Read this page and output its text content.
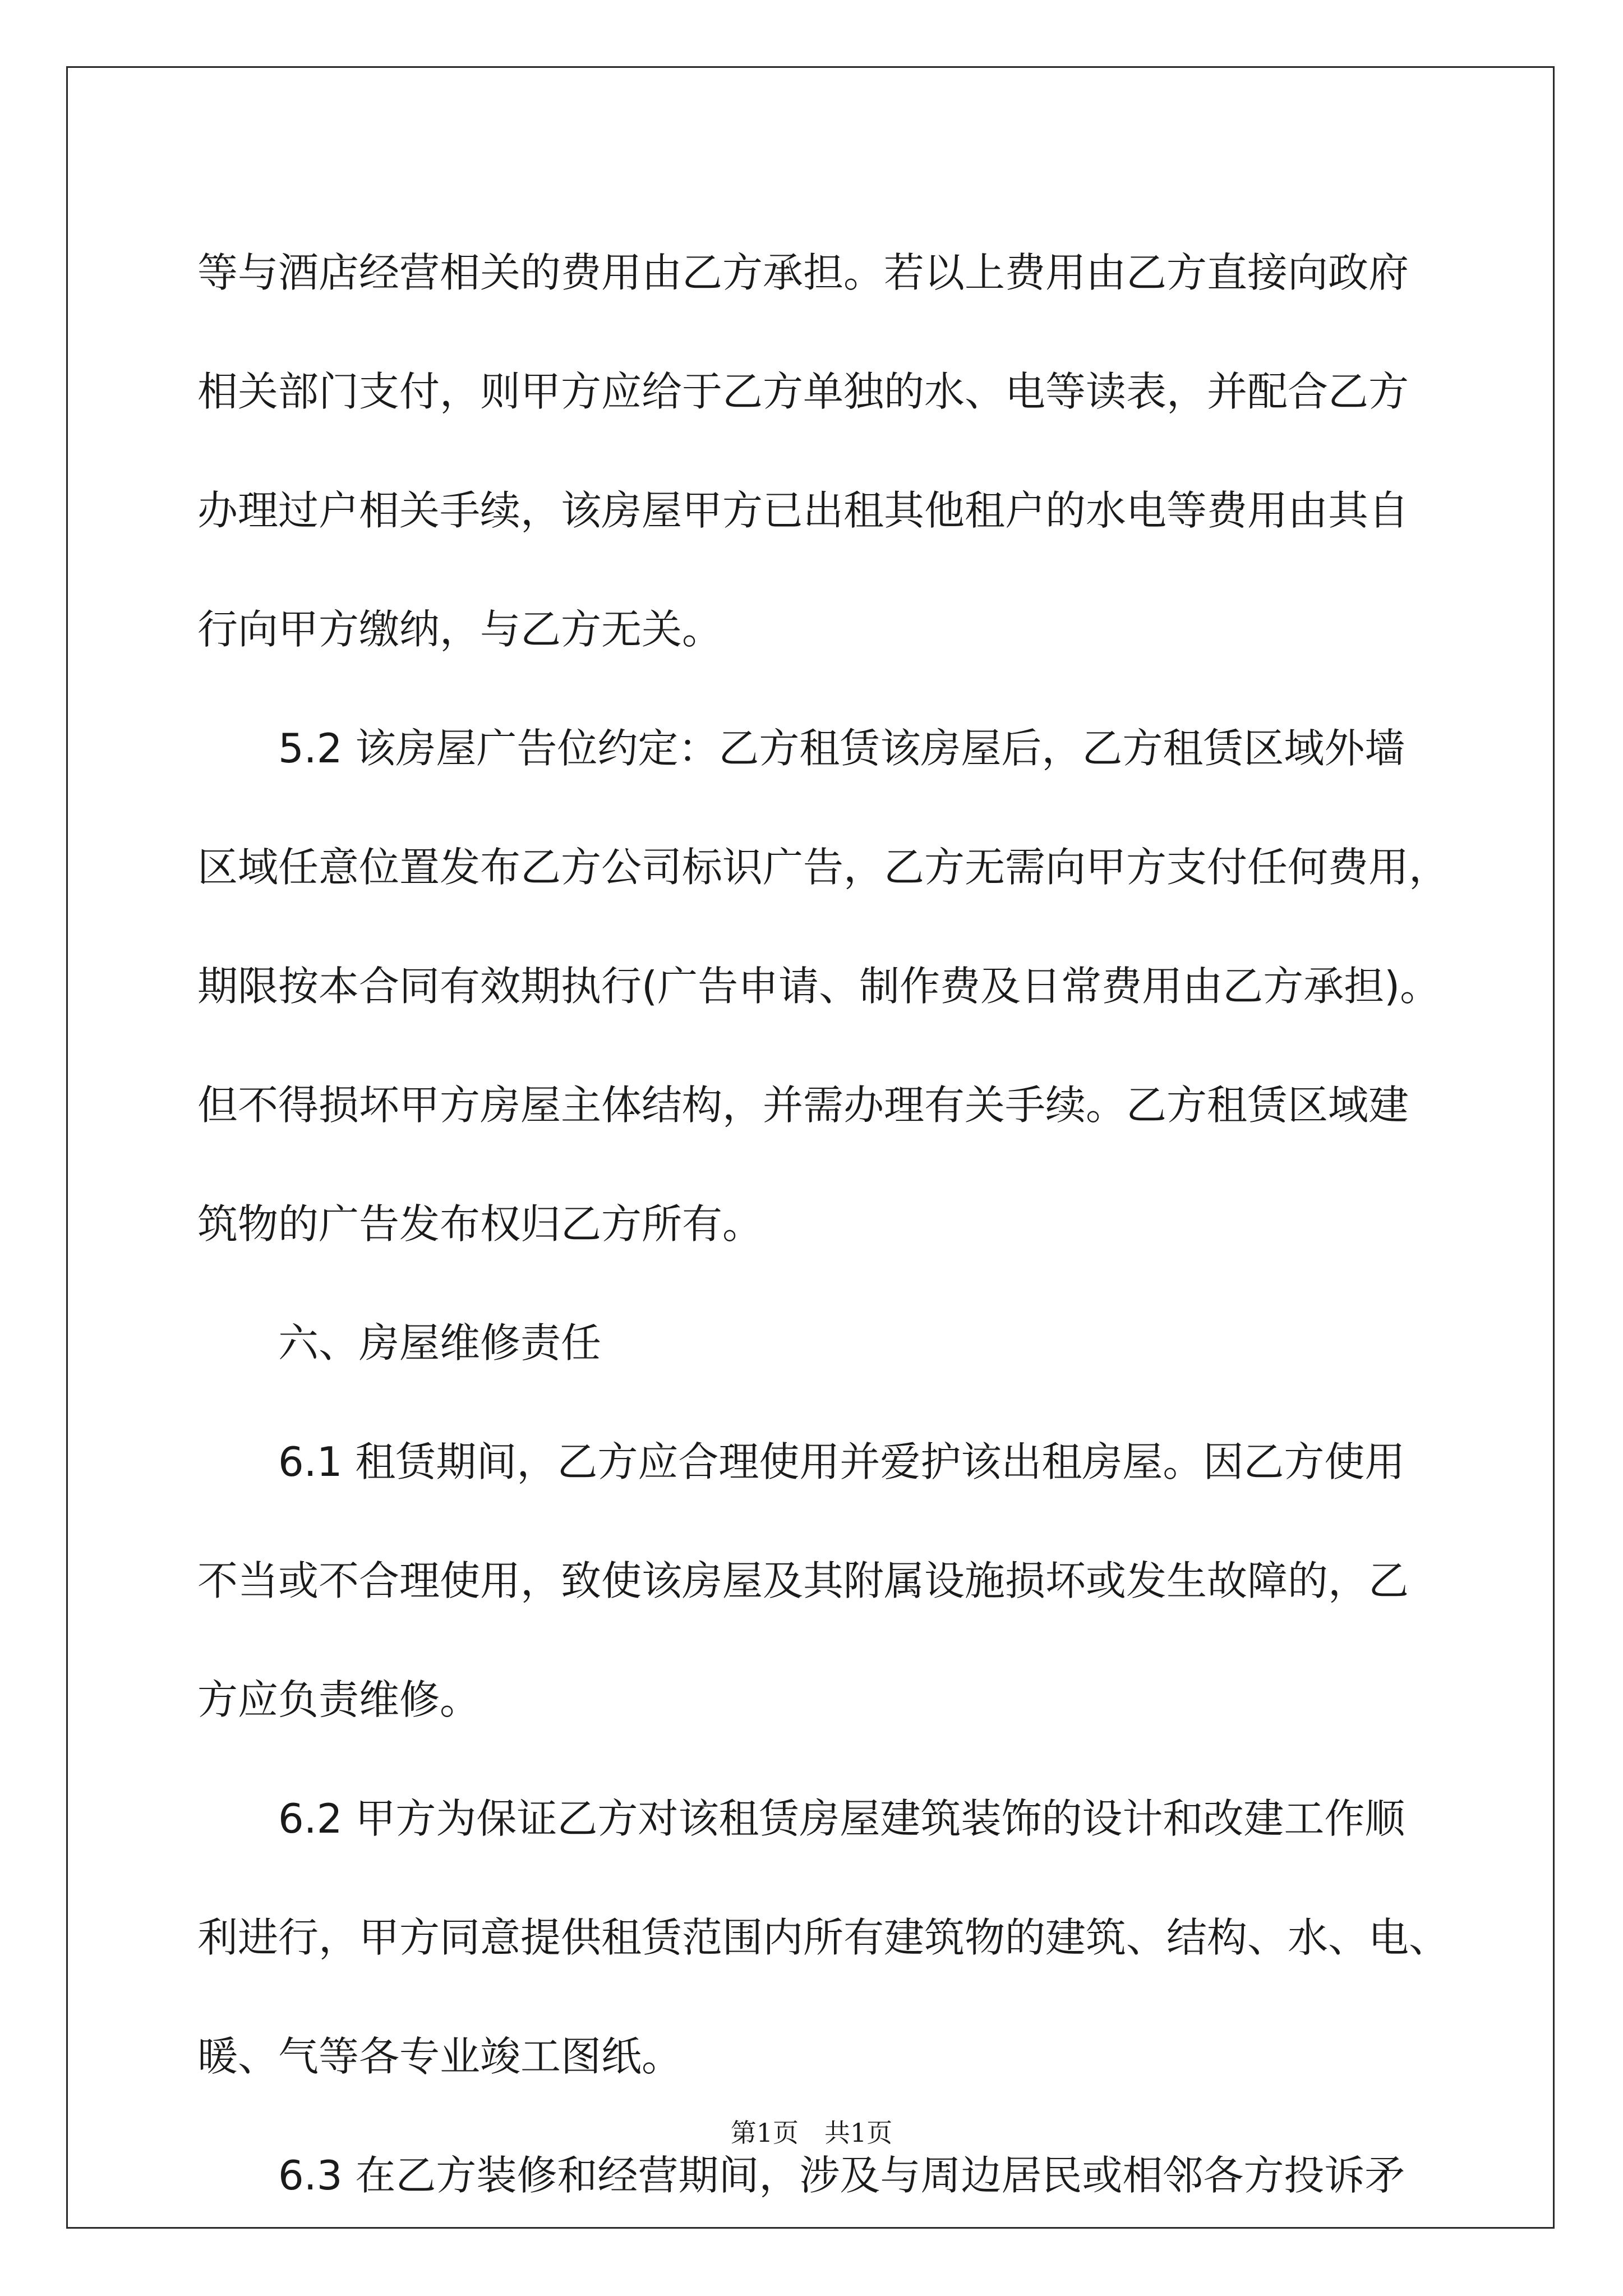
等与酒店经营相关的费用由乙方承担。若以上费用由乙方直接向政府
相关部门支付，则甲方应给于乙方单独的水、电等读表，并配合乙方
办理过户相关手续，该房屋甲方已出租其他租户的水电等费用由其自
行向甲方缴纳，与乙方无关。
5.2 该房屋广告位约定：乙方租赁该房屋后，乙方租赁区域外墙
区域任意位置发布乙方公司标识广告，乙方无需向甲方支付任何费用，
期限按本合同有效期执行(广告申请、制作费及日常费用由乙方承担)。
但不得损坏甲方房屋主体结构，并需办理有关手续。乙方租赁区域建
筑物的广告发布权归乙方所有。
六、房屋维修责任
6.1 租赁期间，乙方应合理使用并爱护该出租房屋。因乙方使用
不当或不合理使用，致使该房屋及其附属设施损坏或发生故障的，乙
方应负责维修。
6.2 甲方为保证乙方对该租赁房屋建筑装饰的设计和改建工作顺
利进行，甲方同意提供租赁范围内所有建筑物的建筑、结构、水、电、
暖、气等各专业竣工图纸。
6.3 在乙方装修和经营期间，涉及与周边居民或相邻各方投诉矛
第1页　共1页
